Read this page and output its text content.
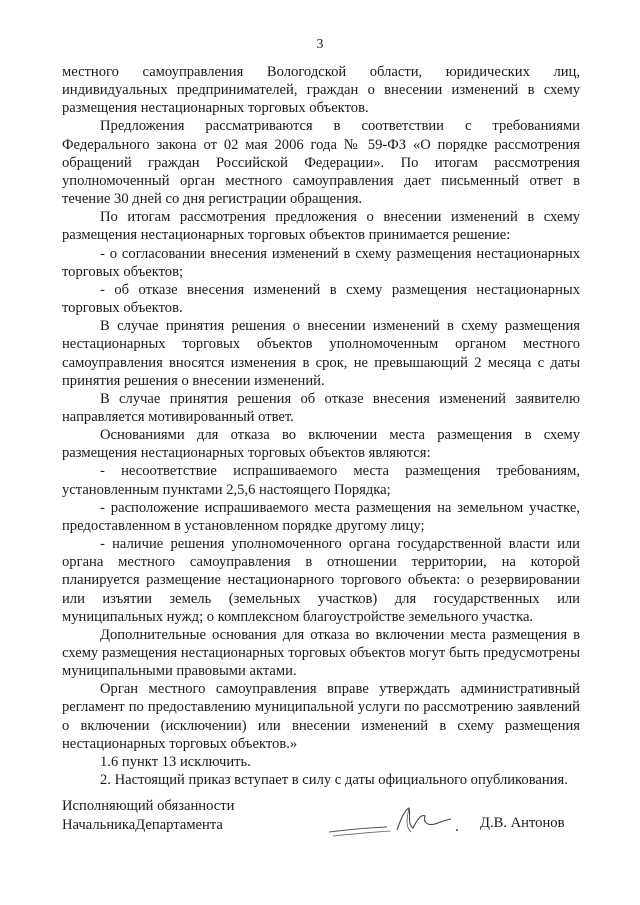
3

местного самоуправления Вологодской области, юридических лиц, индивидуальных предпринимателей, граждан о внесении изменений в схему размещения нестационарных торговых объектов.

Предложения рассматриваются в соответствии с требованиями Федерального закона от 02 мая 2006 года № 59-ФЗ «О порядке рассмотрения обращений граждан Российской Федерации». По итогам рассмотрения уполномоченный орган местного самоуправления дает письменный ответ в течение 30 дней со дня регистрации обращения.

По итогам рассмотрения предложения о внесении изменений в схему размещения нестационарных торговых объектов принимается решение:

- о согласовании внесения изменений в схему размещения нестационарных торговых объектов;

- об отказе внесения изменений в схему размещения нестационарных торговых объектов.

В случае принятия решения о внесении изменений в схему размещения нестационарных торговых объектов уполномоченным органом местного самоуправления вносятся изменения в срок, не превышающий 2 месяца с даты принятия решения о внесении изменений.

В случае принятия решения об отказе внесения изменений заявителю направляется мотивированный ответ.

Основаниями для отказа во включении места размещения в схему размещения нестационарных торговых объектов являются:

- несоответствие испрашиваемого места размещения требованиям, установленным пунктами 2,5,6 настоящего Порядка;

- расположение испрашиваемого места размещения на земельном участке, предоставленном в установленном порядке другому лицу;

- наличие решения уполномоченного органа государственной власти или органа местного самоуправления в отношении территории, на которой планируется размещение нестационарного торгового объекта: о резервировании или изъятии земель (земельных участков) для государственных или муниципальных нужд; о комплексном благоустройстве земельного участка.

Дополнительные основания для отказа во включении места размещения в схему размещения нестационарных торговых объектов могут быть предусмотрены муниципальными правовыми актами.

Орган местного самоуправления вправе утверждать административный регламент по предоставлению муниципальной услуги по рассмотрению заявлений о включении (исключении) или внесении изменений в схему размещения нестационарных торговых объектов.»

1.6 пункт 13 исключить.

2. Настоящий приказ вступает в силу с даты официального опубликования.

Исполняющий обязанности
НачальникаДепартамента	Д.В. Антонов
